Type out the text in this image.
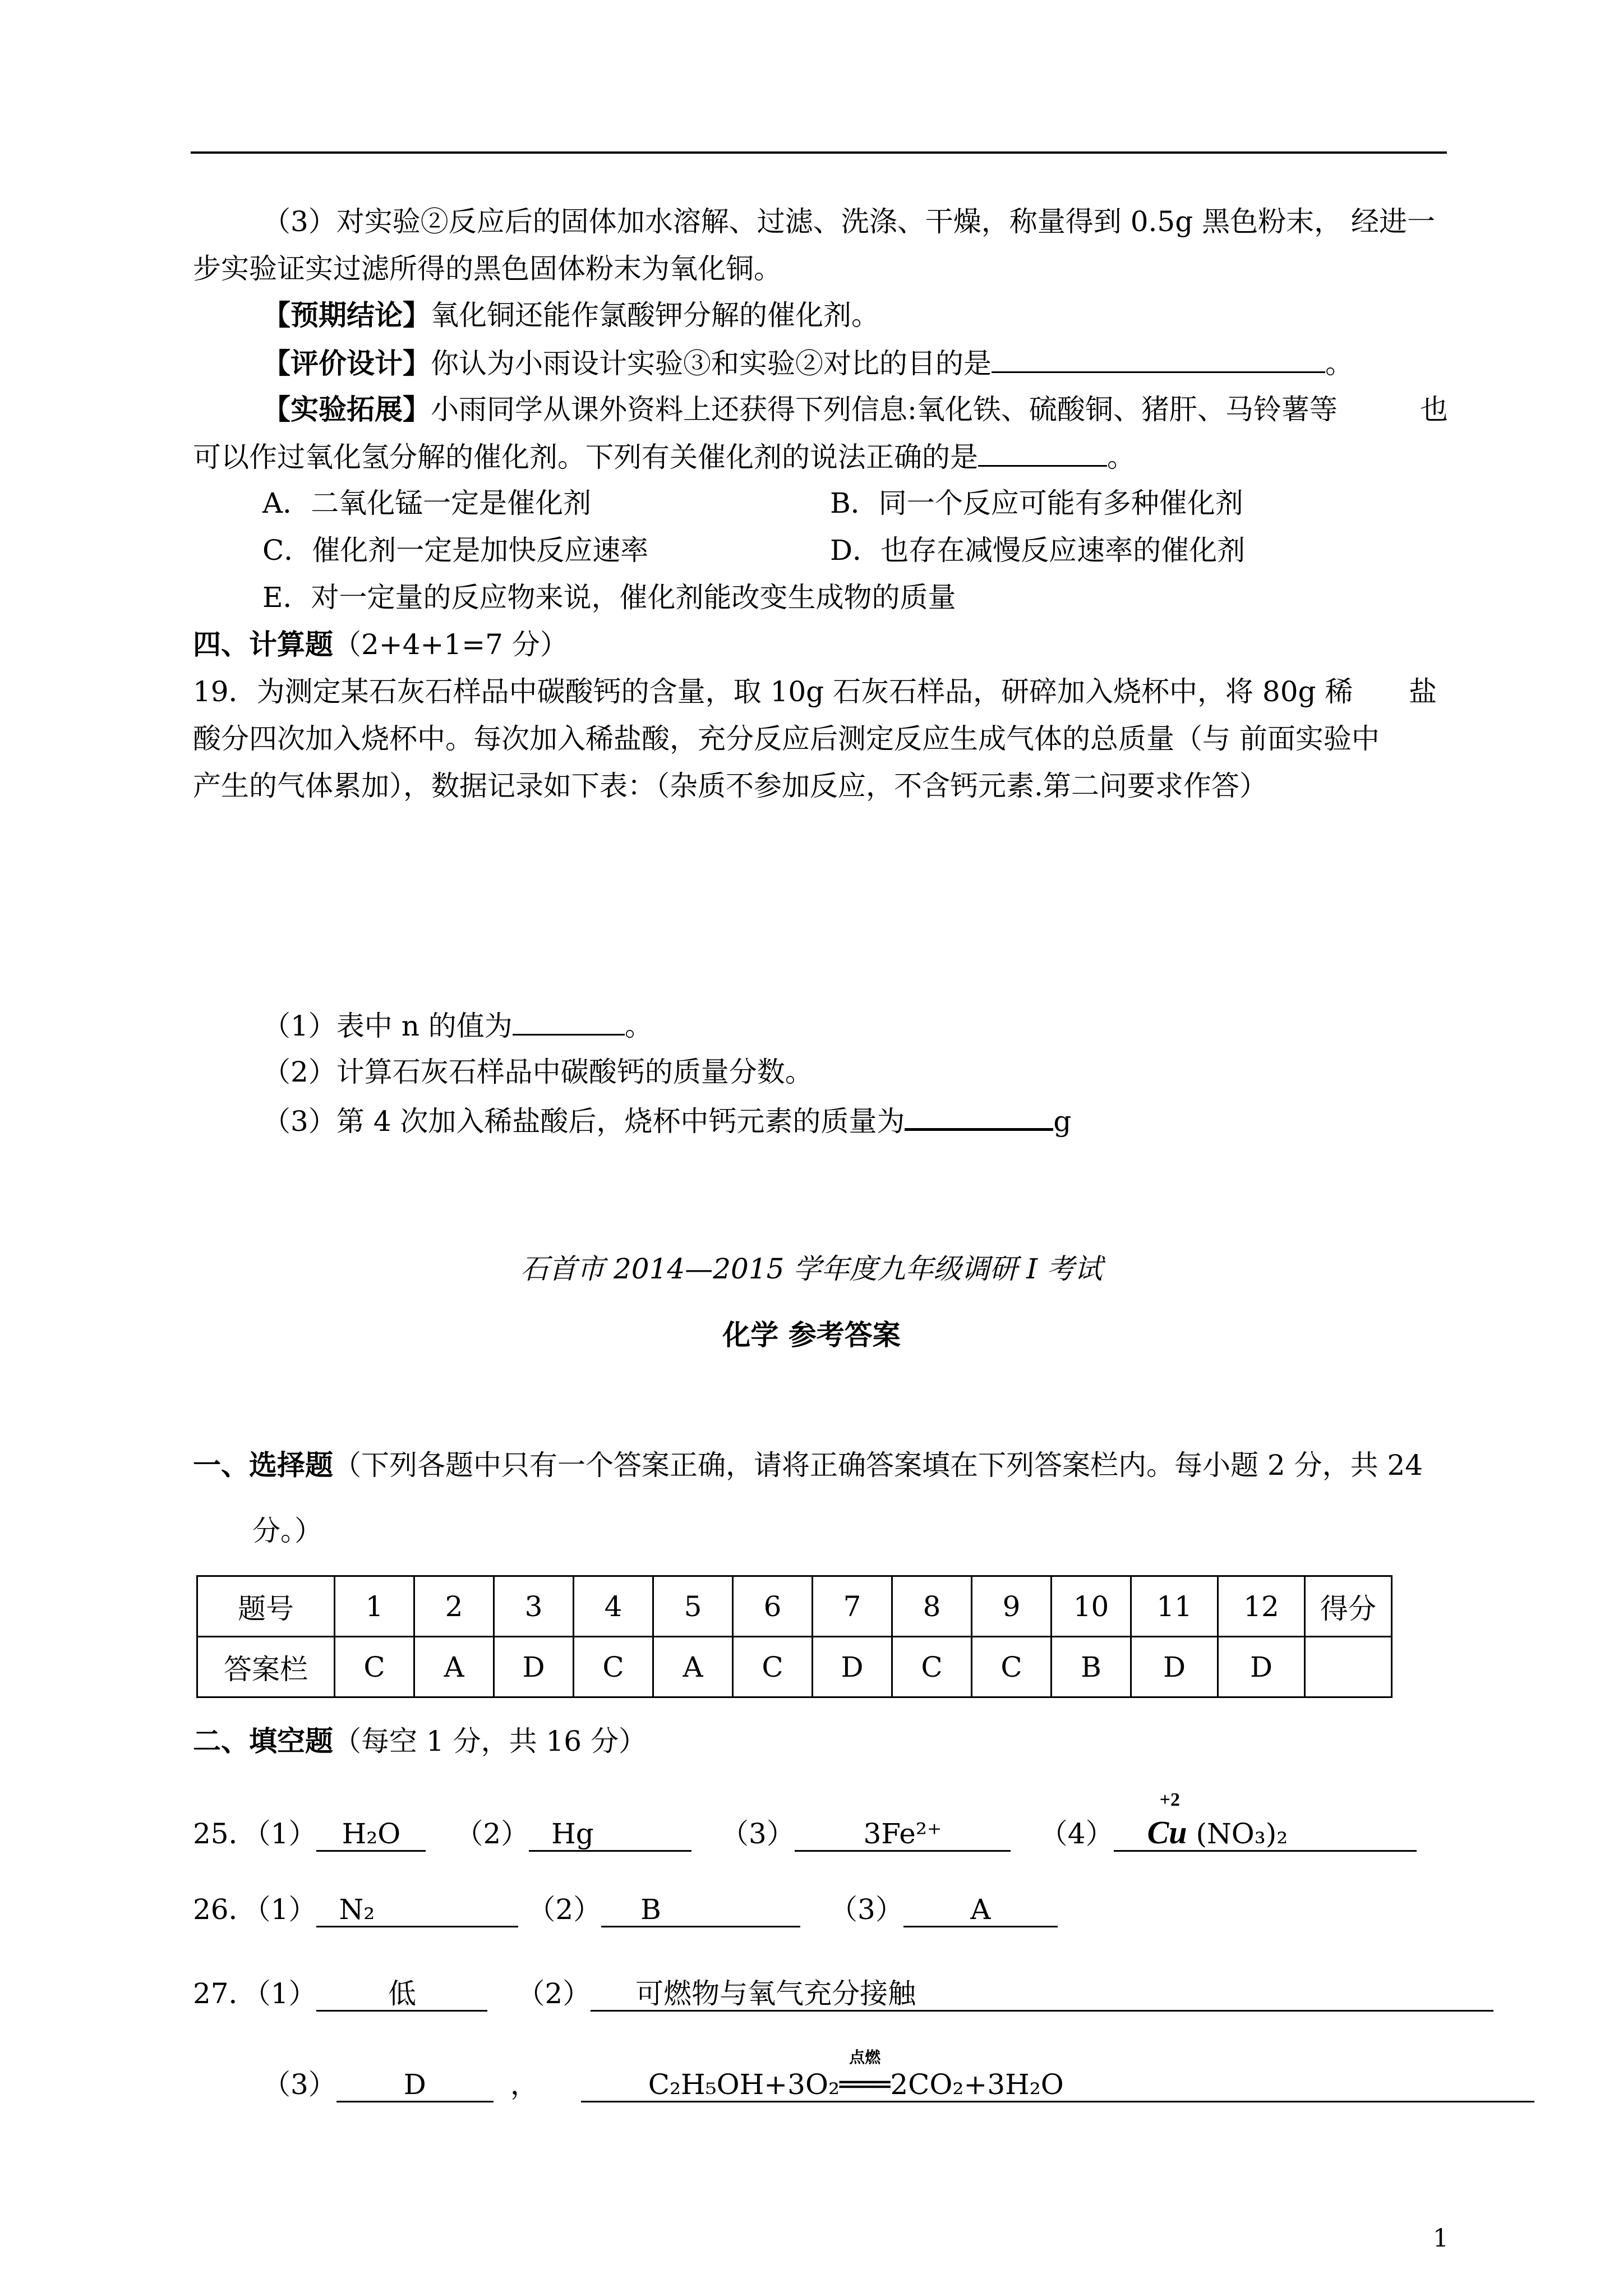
（3）对实验②反应后的固体加水溶解、过滤、洗涤、干燥，称量得到 0.5g 黑色粉末， 经进一
步实验证实过滤所得的黑色固体粉末为氧化铜。
【预期结论】氧化铜还能作氯酸钾分解的催化剂。
【评价设计】你认为小雨设计实验③和实验②对比的目的是	。
【实验拓展】小雨同学从课外资料上还获得下列信息:氧化铁、硫酸铜、猪肝、马铃薯等	也
可以作过氧化氢分解的催化剂。下列有关催化剂的说法正确的是	。
A．二氧化锰一定是催化剂	B．同一个反应可能有多种催化剂
C．催化剂一定是加快反应速率	D．也存在减慢反应速率的催化剂
E．对一定量的反应物来说，催化剂能改变生成物的质量
四、计算题（2+4+1=7 分）
19．为测定某石灰石样品中碳酸钙的含量，取 10g 石灰石样品，研碎加入烧杯中，将 80g 稀 盐
酸分四次加入烧杯中。每次加入稀盐酸，充分反应后测定反应生成气体的总质量（与 前面实验中
产生的气体累加），数据记录如下表：（杂质不参加反应，不含钙元素.第二问要求作答）
（1）表中 n 的值为	。
（2）计算石灰石样品中碳酸钙的质量分数。
（3）第 4 次加入稀盐酸后，烧杯中钙元素的质量为	g
石首市 2014—2015 学年度九年级调研 I 考试
化学 参考答案
一、选择题（下列各题中只有一个答案正确，请将正确答案填在下列答案栏内。每小题 2 分，共 24
分。）
题号	1	2	3	4	5	6	7	8	9	10	11	12	得分
答案栏	C	A	D	C	A	C	D	C	C	B	D	D	
二、填空题（每空 1 分，共 16 分）
25．（1） H₂O （2） Hg	（3） 3Fe²⁺	（4）
+2
Cu (NO₃)₂
26．（1） N₂	（2） B	（3） A
27．（1）	低	（2） 可燃物与氧气充分接触
（3） D	，	C₂H₅OH+3O₂
点燃
═══2CO₂+3H₂O
1
